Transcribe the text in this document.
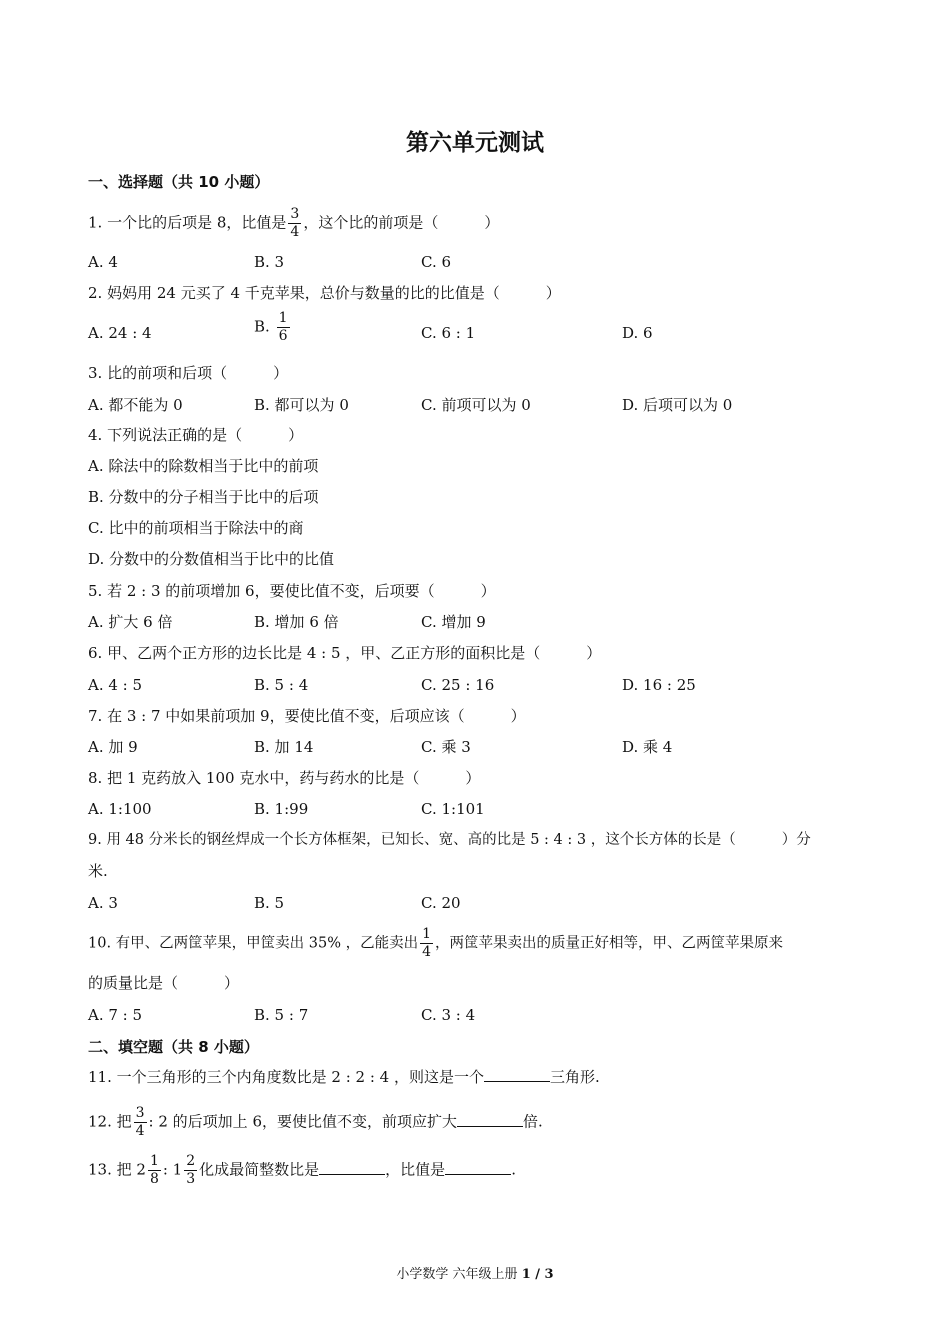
第六单元测试
一、选择题（共 10 小题）
1. 一个比的后项是 8，比值是 $\frac{3}{4}$ ，这个比的前项是（	）
A. 4	B. 3	C. 6
2. 妈妈用 24 元买了 4 千克苹果，总价与数量的比的比值是（	）
A. 24 : 4	B. $\frac{1}{6}$	C. 6 : 1	D. 6
3. 比的前项和后项（	）
A. 都不能为 0	B. 都可以为 0	C. 前项可以为 0	D. 后项可以为 0
4. 下列说法正确的是（	）
A. 除法中的除数相当于比中的前项
B. 分数中的分子相当于比中的后项
C. 比中的前项相当于除法中的商
D. 分数中的分数值相当于比中的比值
5. 若 2 : 3 的前项增加 6，要使比值不变，后项要（	）
A. 扩大 6 倍	B. 增加 6 倍	C. 增加 9
6. 甲、乙两个正方形的边长比是 4 : 5 ，甲、乙正方形的面积比是（	）
A. 4 : 5	B. 5 : 4	C. 25 : 16	D. 16 : 25
7. 在 3 : 7 中如果前项加 9，要使比值不变，后项应该（	）
A. 加 9	B. 加 14	C. 乘 3	D. 乘 4
8. 把 1 克药放入 100 克水中，药与药水的比是（	）
A. 1:100	B. 1:99	C. 1:101
9. 用 48 分米长的钢丝焊成一个长方体框架，已知长、宽、高的比是 5 : 4 : 3 ，这个长方体的长是（	）分
米.
A. 3	B. 5	C. 20
10. 有甲、乙两筐苹果，甲筐卖出 35% ，乙能卖出 $\frac{1}{4}$ ，两筐苹果卖出的质量正好相等，甲、乙两筐苹果原来
的质量比是（	）
A. 7 : 5	B. 5 : 7	C. 3 : 4
二、填空题（共 8 小题）
11. 一个三角形的三个内角度数比是 2 : 2 : 4 ，则这是一个	三角形.
12. 把 $\frac{3}{4}$ : 2 的后项加上 6，要使比值不变，前项应扩大	倍.
13. 把 $2 \frac{1}{8}$ : $1 \frac{2}{3}$ 化成最简整数比是	，比值是	.
小学数学 六年级上册 1 / 3
